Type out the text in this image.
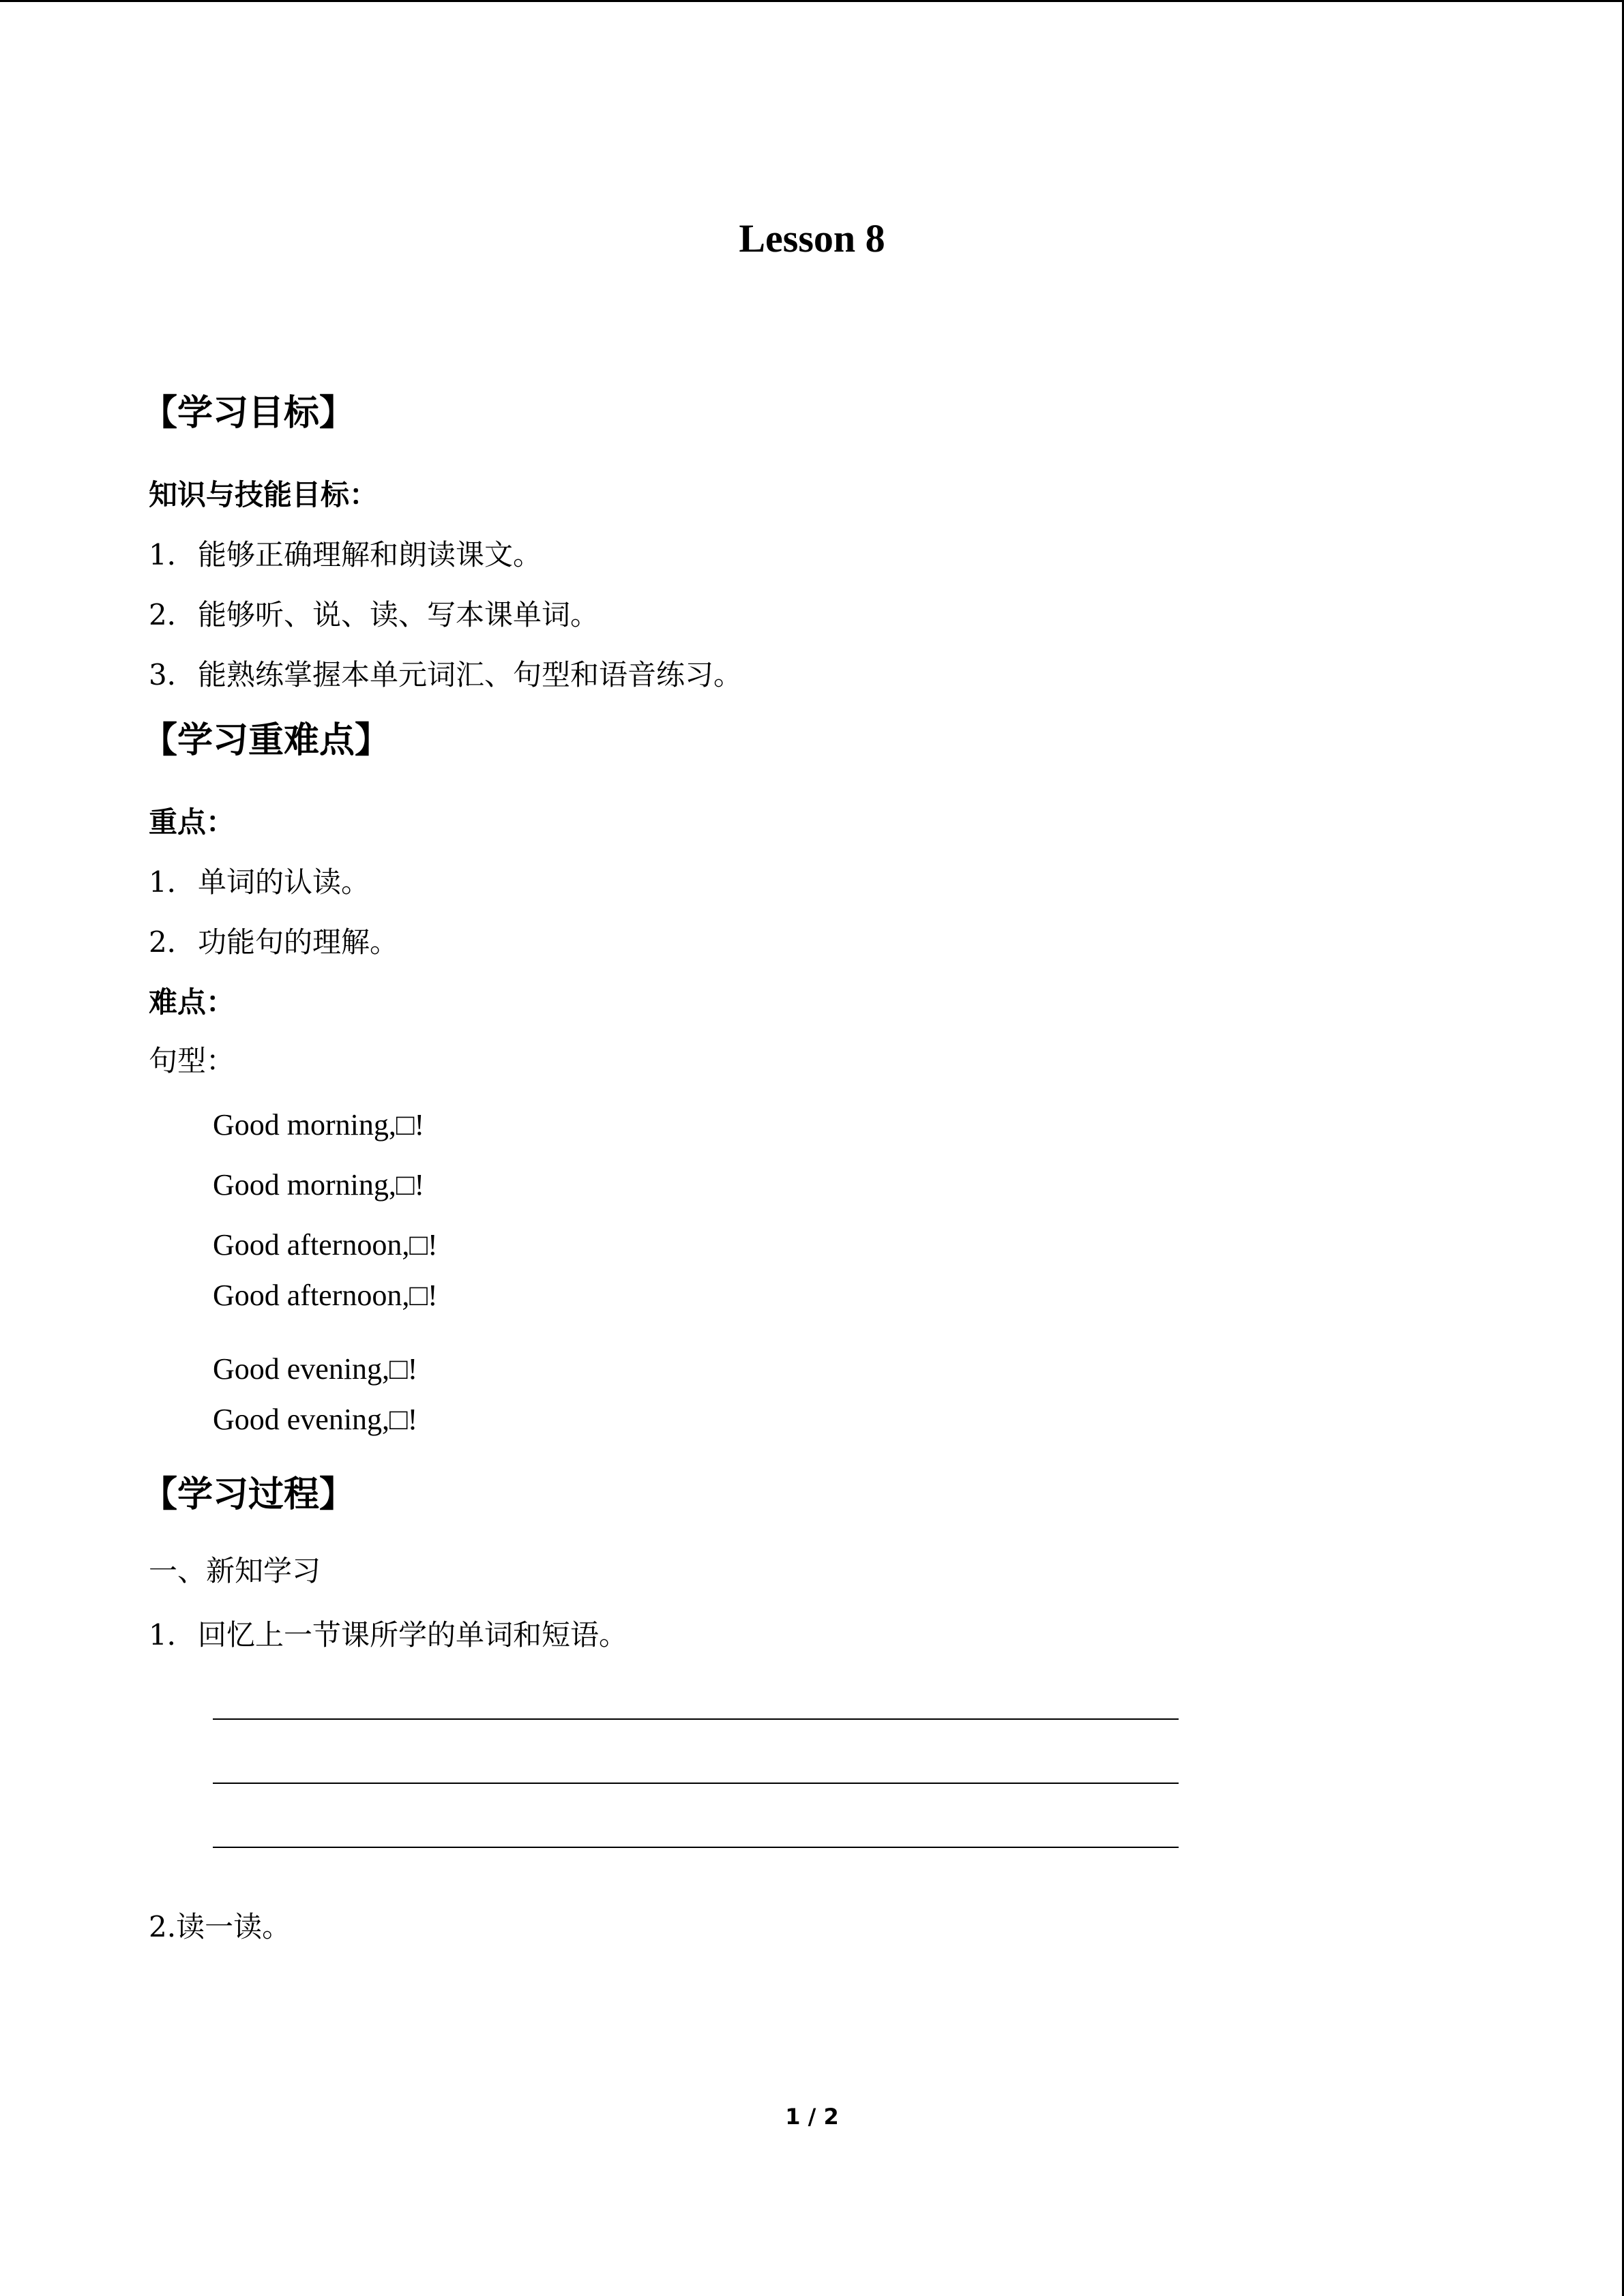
Lesson 8
【学习目标】
知识与技能目标：
1．能够正确理解和朗读课文。
2．能够听、说、读、写本课单词。
3．能熟练掌握本单元词汇、句型和语音练习。
【学习重难点】
重点：
1．单词的认读。
2．功能句的理解。
难点：
句型：
Good morning,□!
Good morning,□!
Good afternoon,□!
Good afternoon,□!
Good evening,□!
Good evening,□!
【学习过程】
一、新知学习
1．回忆上一节课所学的单词和短语。
2.读一读。
1 / 2
